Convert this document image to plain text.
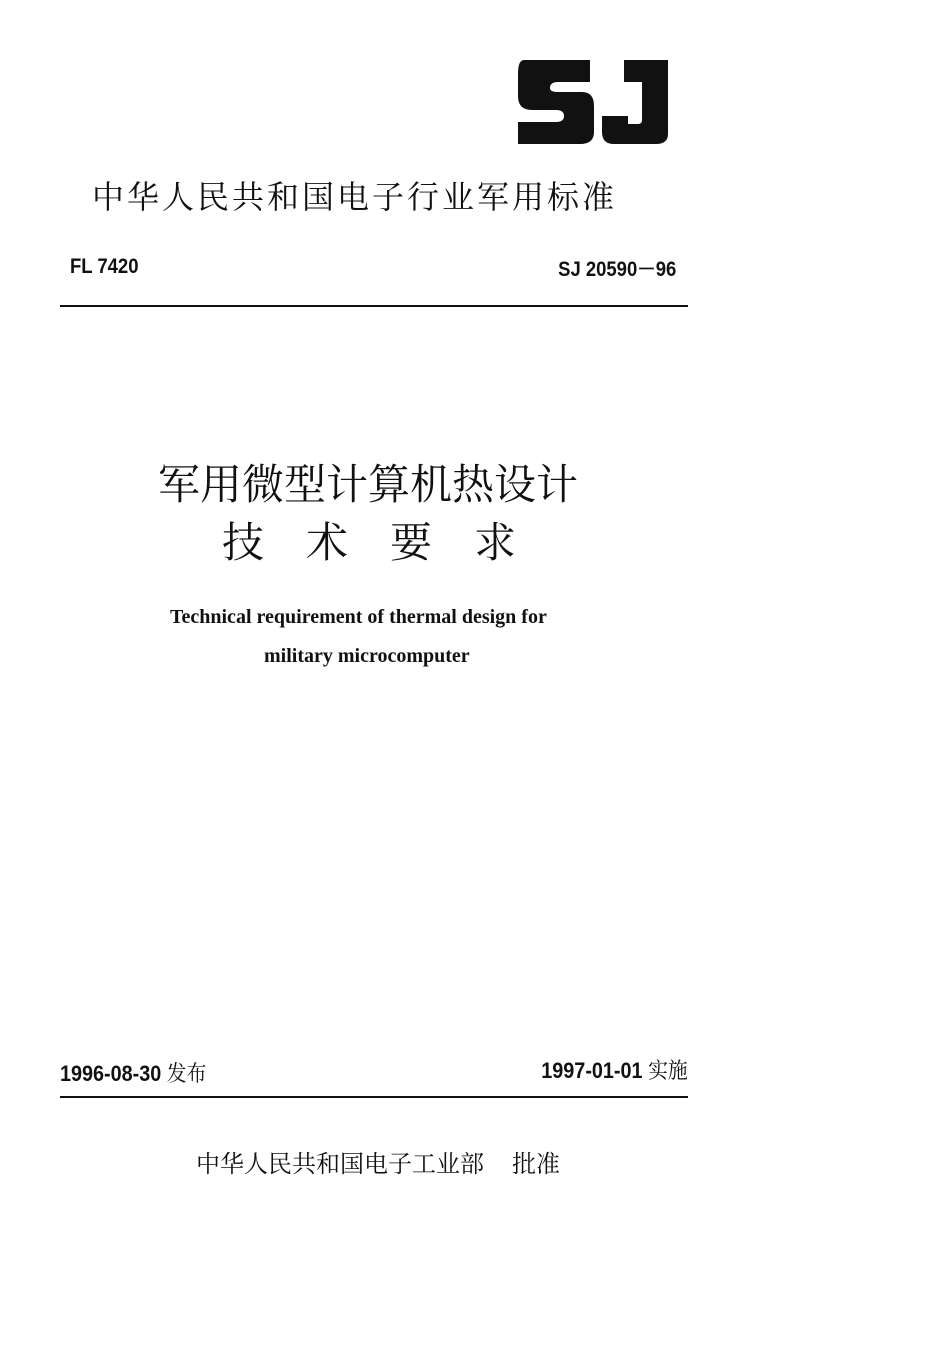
中华人民共和国电子行业军用标准
FL 7420	SJ 20590－96
军用微型计算机热设计
技术要求
Technical requirement of thermal design for
military microcomputer
1996-08-30 发布	1997-01-01 实施
中华人民共和国电子工业部 批准
